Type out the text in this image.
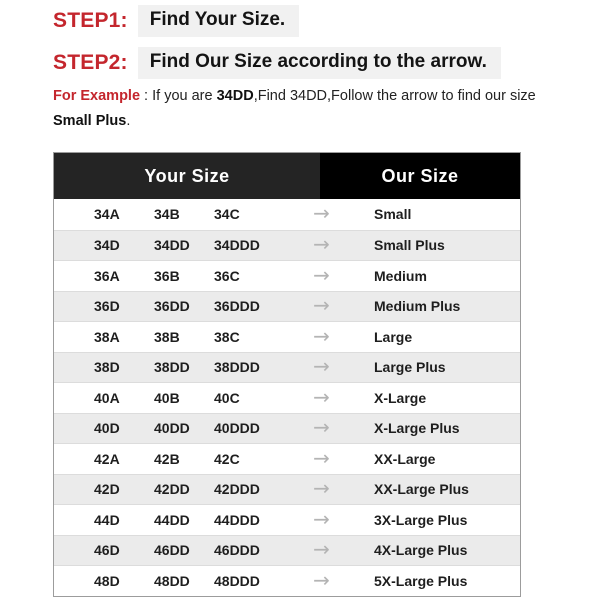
STEP1:	Find Your Size.
STEP2:	Find Our Size according to the arrow.

For Example : If you are 34DD,Find 34DD,Follow the arrow to find our size Small Plus.

Your Size	Our Size
34A	34B	34C	→	Small
34D	34DD	34DDD	→	Small Plus
36A	36B	36C	→	Medium
36D	36DD	36DDD	→	Medium Plus
38A	38B	38C	→	Large
38D	38DD	38DDD	→	Large Plus
40A	40B	40C	→	X-Large
40D	40DD	40DDD	→	X-Large Plus
42A	42B	42C	→	XX-Large
42D	42DD	42DDD	→	XX-Large Plus
44D	44DD	44DDD	→	3X-Large Plus
46D	46DD	46DDD	→	4X-Large Plus
48D	48DD	48DDD	→	5X-Large Plus
